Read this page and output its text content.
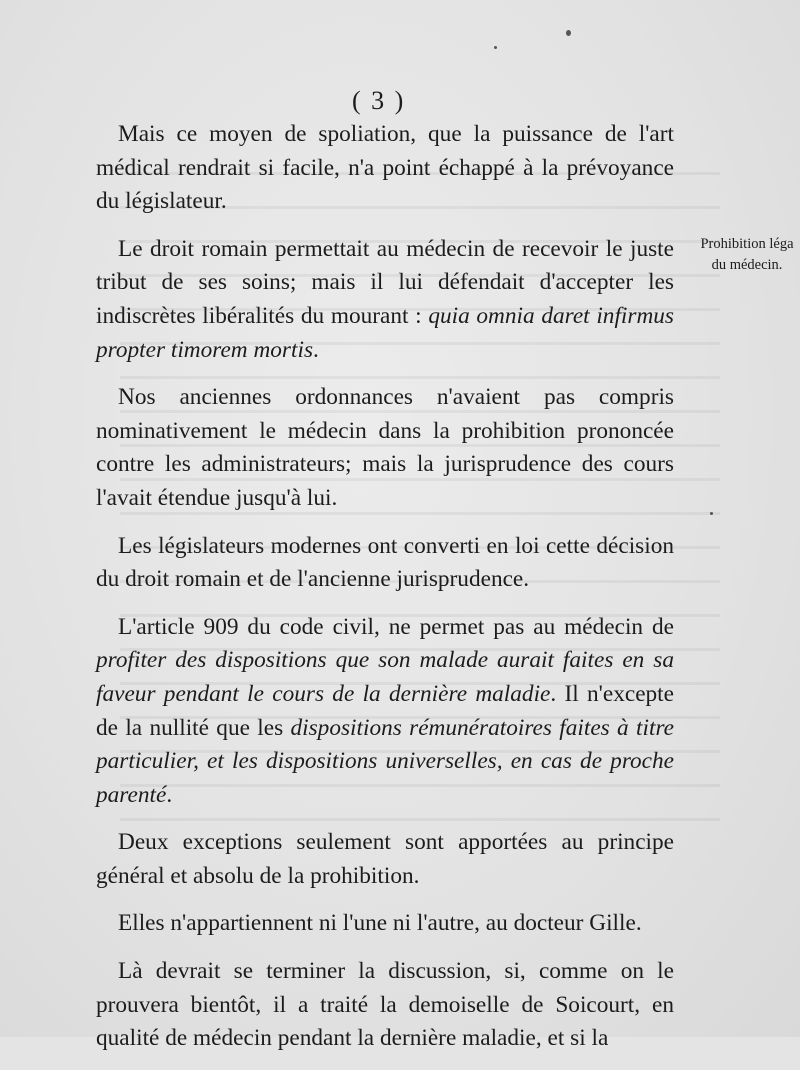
( 3 )

Mais ce moyen de spoliation, que la puissance de l'art médical rendrait si facile, n'a point échappé à la prévoyance du législateur.

Le droit romain permettait au médecin de recevoir le juste tribut de ses soins; mais il lui défendait d'accepter les indiscrètes libéralités du mourant : quia omnia daret infirmus propter timorem mortis.

Nos anciennes ordonnances n'avaient pas compris nominativement le médecin dans la prohibition prononcée contre les administrateurs; mais la jurisprudence des cours l'avait étendue jusqu'à lui.

Les législateurs modernes ont converti en loi cette décision du droit romain et de l'ancienne jurisprudence.

L'article 909 du code civil, ne permet pas au médecin de profiter des dispositions que son malade aurait faites en sa faveur pendant le cours de la dernière maladie. Il n'excepte de la nullité que les dispositions rémunératoires faites à titre particulier, et les dispositions universelles, en cas de proche parenté.

Deux exceptions seulement sont apportées au principe général et absolu de la prohibition.

Elles n'appartiennent ni l'une ni l'autre, au docteur Gille.

Là devrait se terminer la discussion, si, comme on le prouvera bientôt, il a traité la demoiselle de Soicourt, en qualité de médecin pendant la dernière maladie, et si la

Prohibition léga
du médecin.
